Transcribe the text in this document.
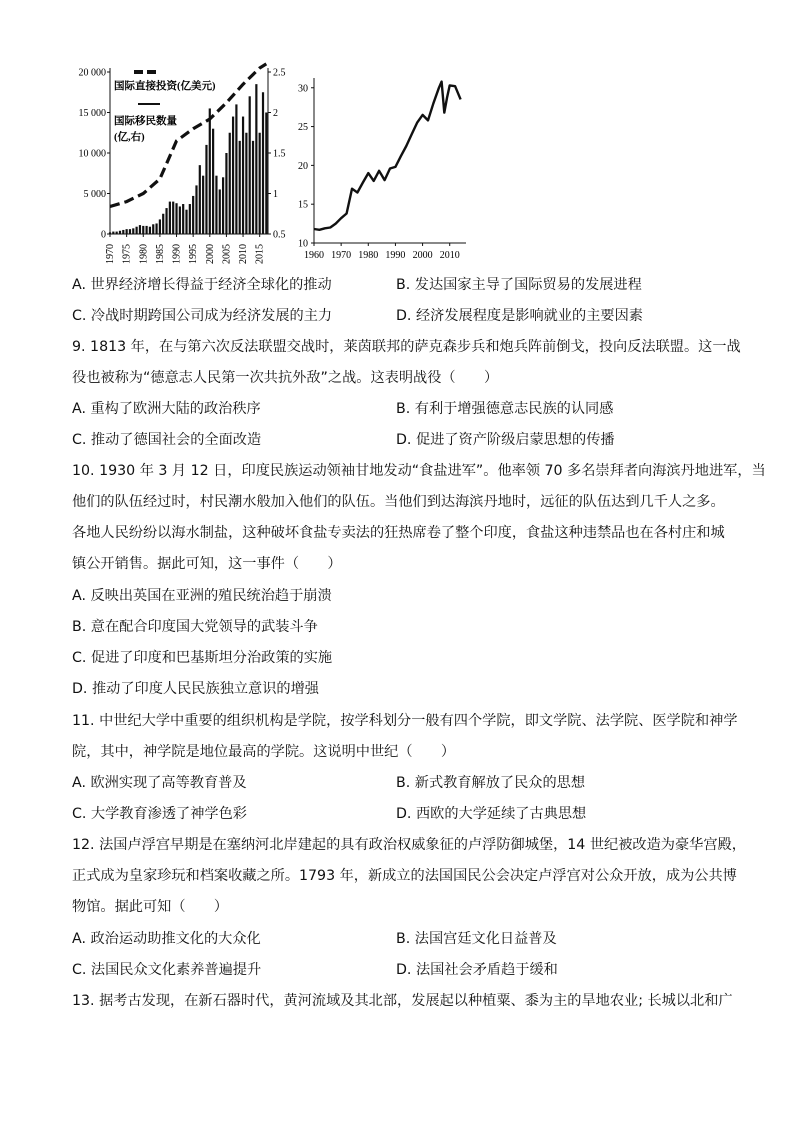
20 000
15 000
10 000
5 000
0
2.5
2
1.5
1
0.5
1970 1975 1980 1985 1990 1995 2000 2005 2010 2015
国际直接投资(亿美元)
国际移民数量
(亿,右)
30
25
20
15
10
1960 1970 1980 1990 2000 2010
A. 世界经济增长得益于经济全球化的推动	B. 发达国家主导了国际贸易的发展进程
C. 冷战时期跨国公司成为经济发展的主力	D. 经济发展程度是影响就业的主要因素
9. 1813 年，在与第六次反法联盟交战时，莱茵联邦的萨克森步兵和炮兵阵前倒戈，投向反法联盟。这一战
役也被称为“德意志人民第一次共抗外敌”之战。这表明战役（　　）
A. 重构了欧洲大陆的政治秩序	B. 有利于增强德意志民族的认同感
C. 推动了德国社会的全面改造	D. 促进了资产阶级启蒙思想的传播
10. 1930 年 3 月 12 日，印度民族运动领袖甘地发动“食盐进军”。他率领 70 多名崇拜者向海滨丹地进军，当
他们的队伍经过时，村民潮水般加入他们的队伍。当他们到达海滨丹地时，远征的队伍达到几千人之多。
各地人民纷纷以海水制盐，这种破坏食盐专卖法的狂热席卷了整个印度，食盐这种违禁品也在各村庄和城
镇公开销售。据此可知，这一事件（　　）
A. 反映出英国在亚洲的殖民统治趋于崩溃
B. 意在配合印度国大党领导的武装斗争
C. 促进了印度和巴基斯坦分治政策的实施
D. 推动了印度人民民族独立意识的增强
11. 中世纪大学中重要的组织机构是学院，按学科划分一般有四个学院，即文学院、法学院、医学院和神学
院，其中，神学院是地位最高的学院。这说明中世纪（　　）
A. 欧洲实现了高等教育普及	B. 新式教育解放了民众的思想
C. 大学教育渗透了神学色彩	D. 西欧的大学延续了古典思想
12. 法国卢浮宫早期是在塞纳河北岸建起的具有政治权威象征的卢浮防御城堡，14 世纪被改造为豪华宫殿，
正式成为皇家珍玩和档案收藏之所。1793 年，新成立的法国国民公会决定卢浮宫对公众开放，成为公共博
物馆。据此可知（　　）
A. 政治运动助推文化的大众化	B. 法国宫廷文化日益普及
C. 法国民众文化素养普遍提升	D. 法国社会矛盾趋于缓和
13. 据考古发现，在新石器时代，黄河流域及其北部，发展起以种植粟、黍为主的旱地农业; 长城以北和广
